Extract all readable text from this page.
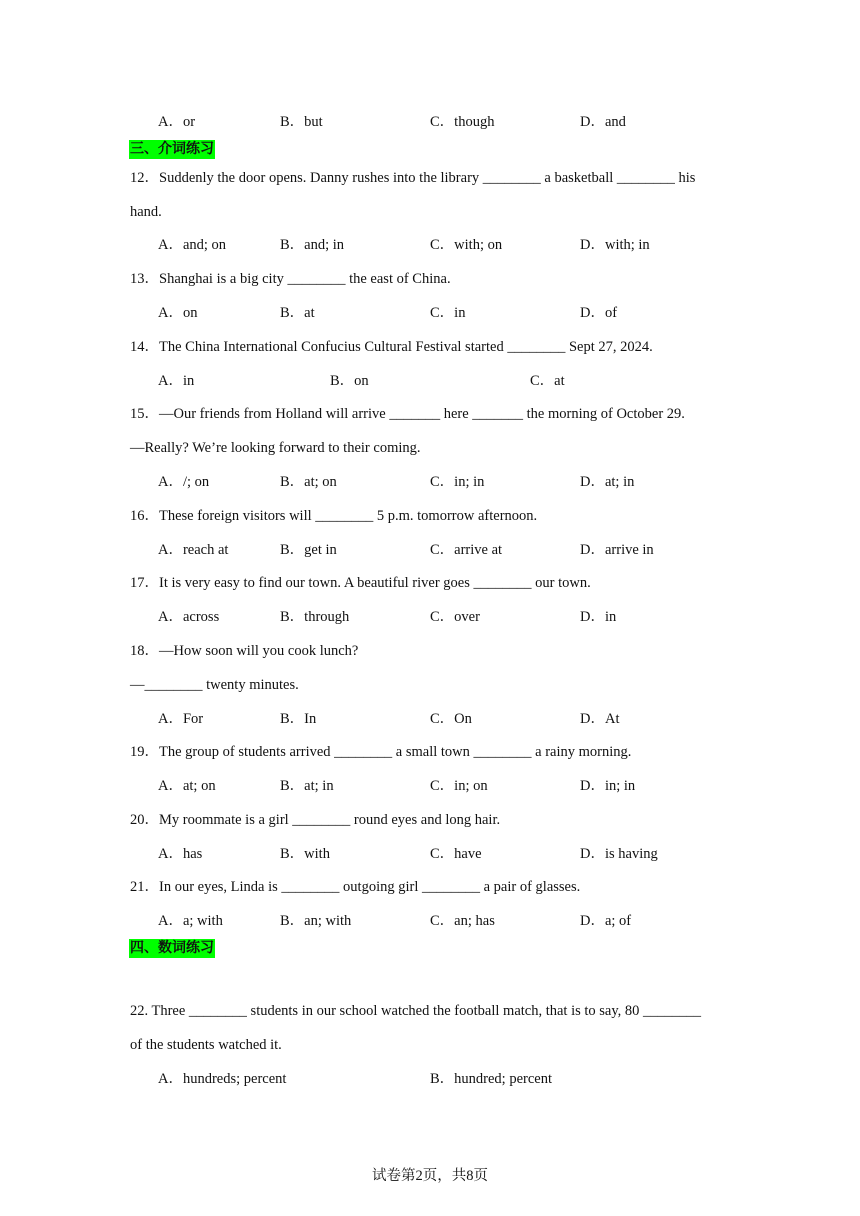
A．or	B．but	C．though	D．and
三、介词练习
12．Suddenly the door opens. Danny rushes into the library ________ a basketball ________ his
hand.
A．and; on	B．and; in	C．with; on	D．with; in
13．Shanghai is a big city ________ the east of China.
A．on	B．at	C．in	D．of
14．The China International Confucius Cultural Festival started ________ Sept 27, 2024.
A．in	B．on	C．at
15．—Our friends from Holland will arrive _______ here _______ the morning of October 29.
—Really? We’re looking forward to their coming.
A．/; on	B．at; on	C．in; in	D．at; in
16．These foreign visitors will ________ 5 p.m. tomorrow afternoon.
A．reach at	B．get in	C．arrive at	D．arrive in
17．It is very easy to find our town. A beautiful river goes ________ our town.
A．across	B．through	C．over	D．in
18．—How soon will you cook lunch?
—________ twenty minutes.
A．For	B．In	C．On	D．At
19．The group of students arrived ________ a small town ________ a rainy morning.
A．at; on	B．at; in	C．in; on	D．in; in
20．My roommate is a girl ________ round eyes and long hair.
A．has	B．with	C．have	D．is having
21．In our eyes, Linda is ________ outgoing girl ________ a pair of glasses.
A．a; with	B．an; with	C．an; has	D．a; of
四、数词练习
22. Three ________ students in our school watched the football match, that is to say, 80 ________
of the students watched it.
A．hundreds; percent	B．hundred; percent
试卷第2页，共8页
